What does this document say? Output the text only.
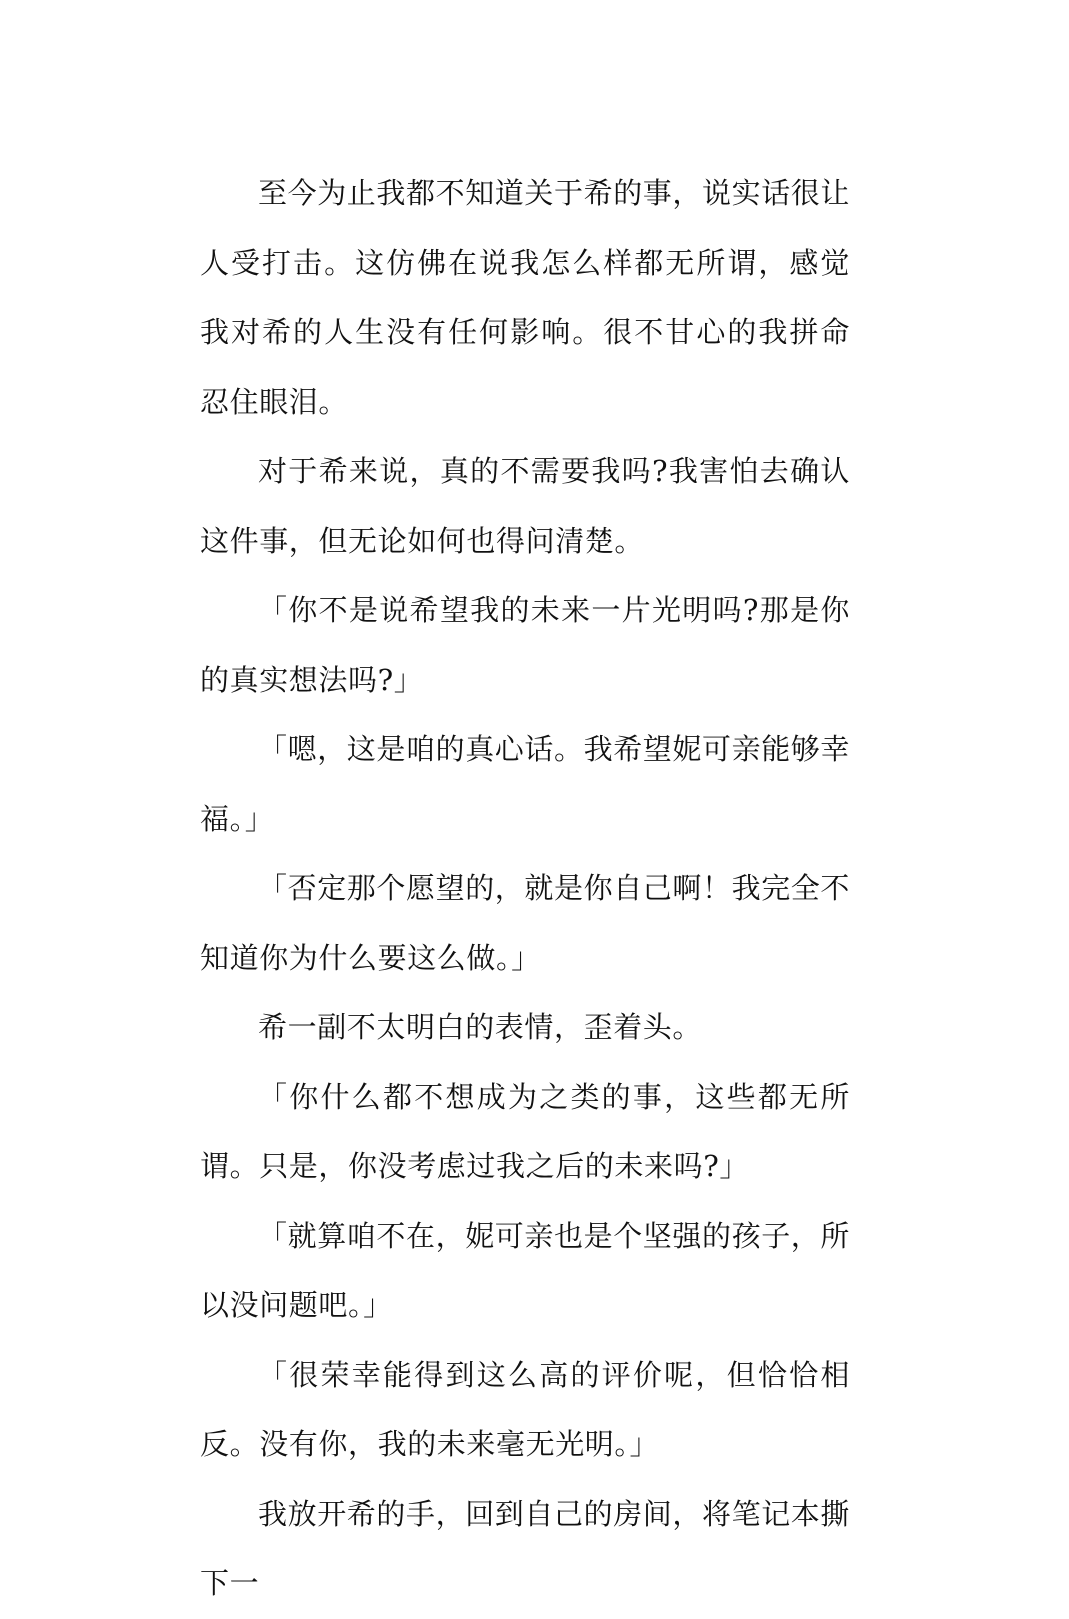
至今为止我都不知道关于希的事，说实话很让人受打击。这仿佛在说我怎么样都无所谓，感觉我对希的人生没有任何影响。很不甘心的我拼命忍住眼泪。

对于希来说，真的不需要我吗?我害怕去确认这件事，但无论如何也得问清楚。

「你不是说希望我的未来一片光明吗?那是你的真实想法吗?」

「嗯，这是咱的真心话。我希望妮可亲能够幸福。」

「否定那个愿望的，就是你自己啊！我完全不知道你为什么要这么做。」

希一副不太明白的表情，歪着头。

「你什么都不想成为之类的事，这些都无所谓。只是，你没考虑过我之后的未来吗?」

「就算咱不在，妮可亲也是个坚强的孩子，所以没问题吧。」

「很荣幸能得到这么高的评价呢，但恰恰相反。没有你，我的未来毫无光明。」

我放开希的手，回到自己的房间，将笔记本撕下一
